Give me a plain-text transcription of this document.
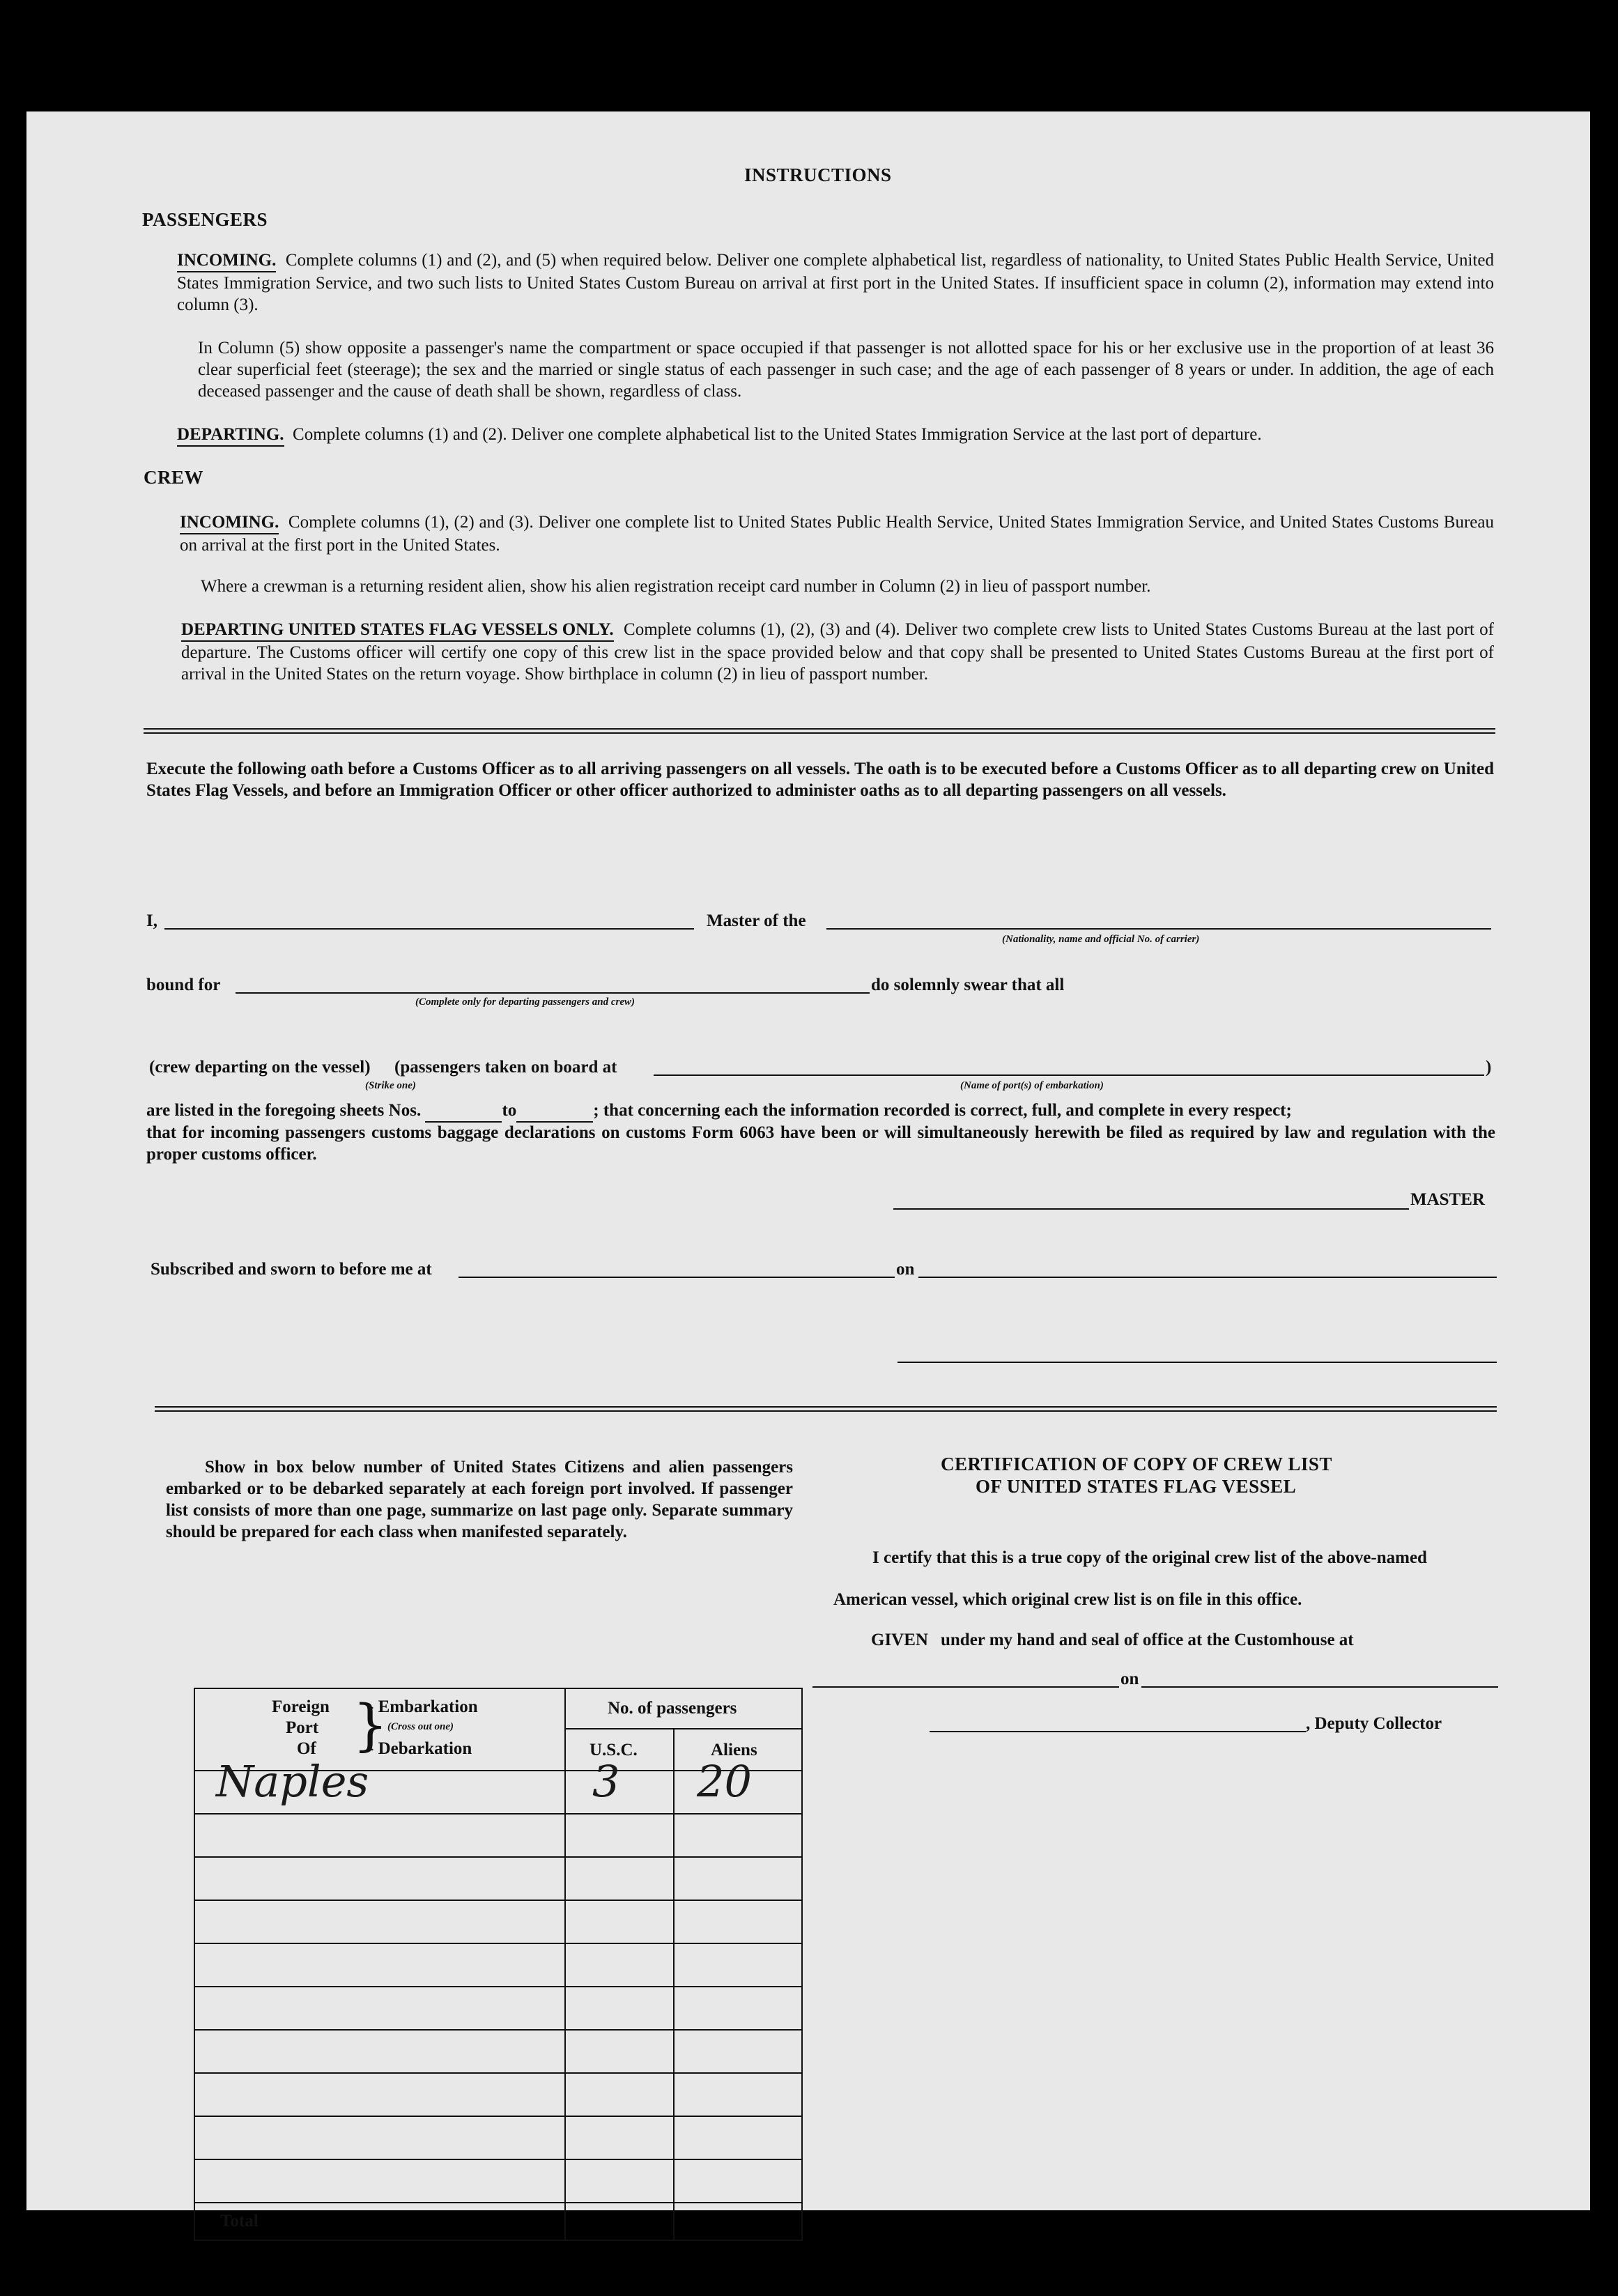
INSTRUCTIONS
PASSENGERS

INCOMING. Complete columns (1) and (2), and (5) when required below. Deliver one complete alphabetical list, regardless of nationality, to United States Public Health Service, United States Immigration Service, and two such lists to United States Custom Bureau on arrival at first port in the United States. If insufficient space in column (2), information may extend into column (3).

In Column (5) show opposite a passenger's name the compartment or space occupied if that passenger is not allotted space for his or her exclusive use in the proportion of at least 36 clear superficial feet (steerage); the sex and the married or single status of each passenger in such case; and the age of each passenger of 8 years or under. In addition, the age of each deceased passenger and the cause of death shall be shown, regardless of class.

DEPARTING. Complete columns (1) and (2). Deliver one complete alphabetical list to the United States Immigration Service at the last port of departure.

CREW

INCOMING. Complete columns (1), (2) and (3). Deliver one complete list to United States Public Health Service, United States Immigration Service, and United States Customs Bureau on arrival at the first port in the United States.

Where a crewman is a returning resident alien, show his alien registration receipt card number in Column (2) in lieu of passport number.

DEPARTING UNITED STATES FLAG VESSELS ONLY. Complete columns (1), (2), (3) and (4). Deliver two complete crew lists to United States Customs Bureau at the last port of departure. The Customs officer will certify one copy of this crew list in the space provided below and that copy shall be presented to United States Customs Bureau at the first port of arrival in the United States on the return voyage. Show birthplace in column (2) in lieu of passport number.

Execute the following oath before a Customs Officer as to all arriving passengers on all vessels. The oath is to be executed before a Customs Officer as to all departing crew on United States Flag Vessels, and before an Immigration Officer or other officer authorized to administer oaths as to all departing passengers on all vessels.

I,	Master of the
(Nationality, name and official No. of carrier)
bound for
(Complete only for departing passengers and crew)
do solemnly swear that all
(crew departing on the vessel) (passengers taken on board at	)
(Strike one)	(Name of port(s) of embarkation)
are listed in the foregoing sheets Nos.	to	; that concerning each the information recorded is correct, full, and complete in every respect;

that for incoming passengers customs baggage declarations on customs Form 6063 have been or will simultaneously herewith be filed as required by law and regulation with the proper customs officer.

MASTER
Subscribed and sworn to before me at	on

Show in box below number of United States Citizens and alien passengers embarked or to be debarked separately at each foreign port involved. If passenger list consists of more than one page, summarize on last page only. Separate summary should be prepared for each class when manifested separately.

Foreign
Port
Of }
- Embarkation
(Cross out one)
- Debarkation
No. of passengers
U.S.C.	Aliens
Naples	3 20
Total
CERTIFICATION OF COPY OF CREW LIST
OF UNITED STATES FLAG VESSEL
I certify that this is a true copy of the original crew list of the above-named
American vessel, which original crew list is on file in this office.
GIVEN under my hand and seal of office at the Customhouse at
on
, Deputy Collector
